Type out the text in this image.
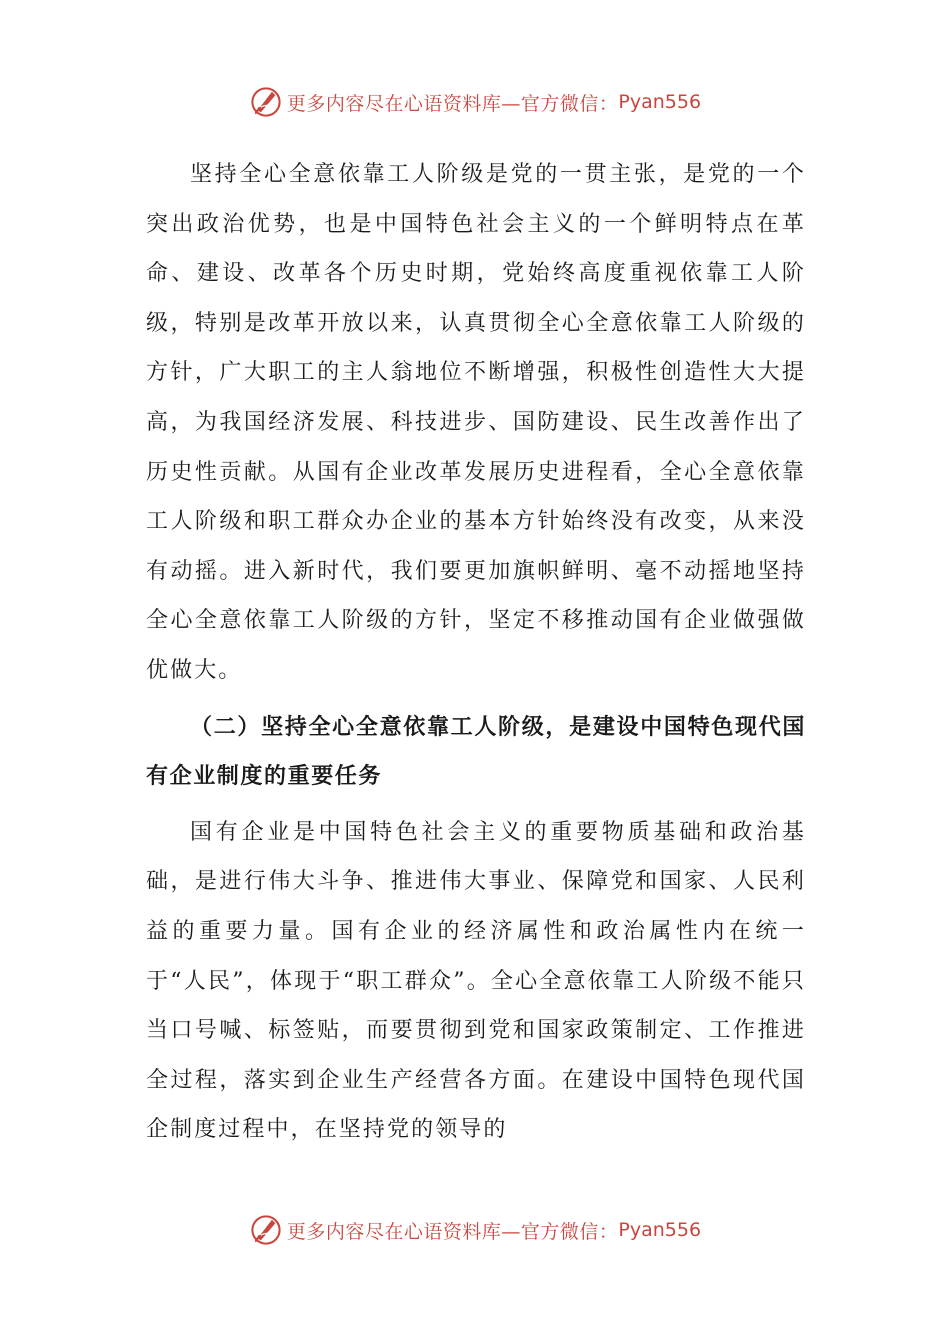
更多内容尽在心语资料库—官方微信： Pyan556

坚持全心全意依靠工人阶级是党的一贯主张，是党的一个突出政治优势，也是中国特色社会主义的一个鲜明特点在革命、建设、改革各个历史时期，党始终高度重视依靠工人阶级，特别是改革开放以来，认真贯彻全心全意依靠工人阶级的方针，广大职工的主人翁地位不断增强，积极性创造性大大提高，为我国经济发展、科技进步、国防建设、民生改善作出了历史性贡献。从国有企业改革发展历史进程看，全心全意依靠工人阶级和职工群众办企业的基本方针始终没有改变，从来没有动摇。进入新时代，我们要更加旗帜鲜明、毫不动摇地坚持全心全意依靠工人阶级的方针，坚定不移推动国有企业做强做优做大。

（二）坚持全心全意依靠工人阶级，是建设中国特色现代国有企业制度的重要任务

国有企业是中国特色社会主义的重要物质基础和政治基础，是进行伟大斗争、推进伟大事业、保障党和国家、人民利益的重要力量。国有企业的经济属性和政治属性内在统一于“人民”，体现于“职工群众”。全心全意依靠工人阶级不能只当口号喊、标签贴，而要贯彻到党和国家政策制定、工作推进全过程，落实到企业生产经营各方面。在建设中国特色现代国企制度过程中，在坚持党的领导的

更多内容尽在心语资料库—官方微信： Pyan556
